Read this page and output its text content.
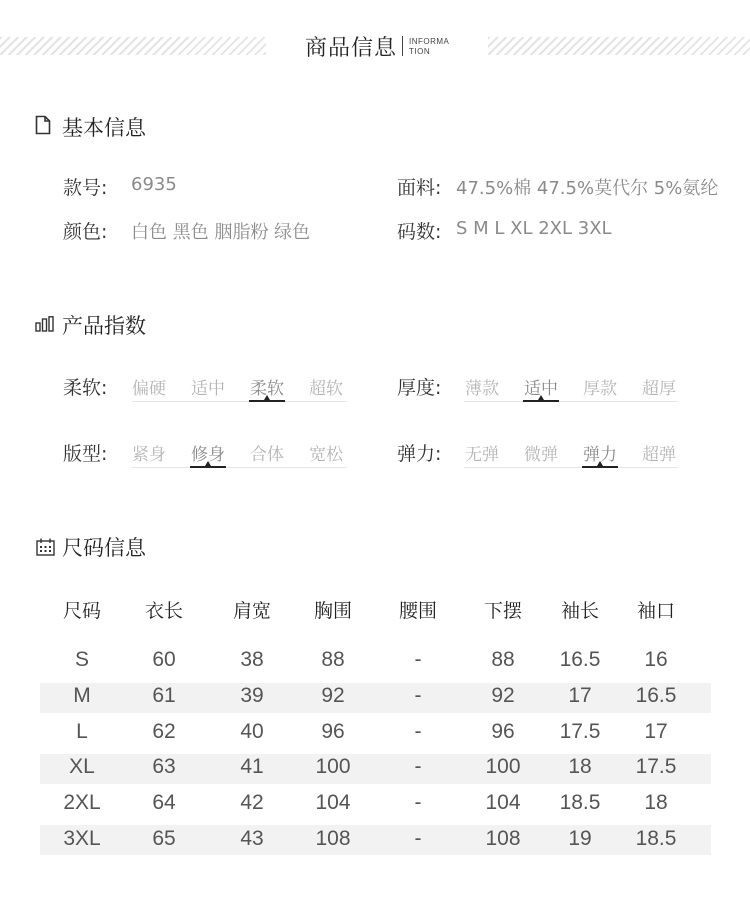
商品信息 INFORMA
TION
基本信息
款号: 6935	面料: 47.5%棉 47.5%莫代尔 5%氨纶
颜色: 白色 黑色 胭脂粉 绿色	码数: S M L XL 2XL 3XL
产品指数
柔软:	偏硬	适中	柔软	超软	厚度:	薄款	适中	厚款	超厚
版型:	紧身	修身	合体	宽松	弹力:	无弹	微弹	弹力	超弹
尺码信息
尺码	衣长	肩宽	胸围	腰围	下摆	袖长	袖口
S	60	38	88	-	88	16.5	16
M	61	39	92	-	92	17	16.5
L	62	40	96	-	96	17.5	17
XL	63	41	100	-	100	18	17.5
2XL	64	42	104	-	104	18.5	18
3XL	65	43	108	-	108	19	18.5
